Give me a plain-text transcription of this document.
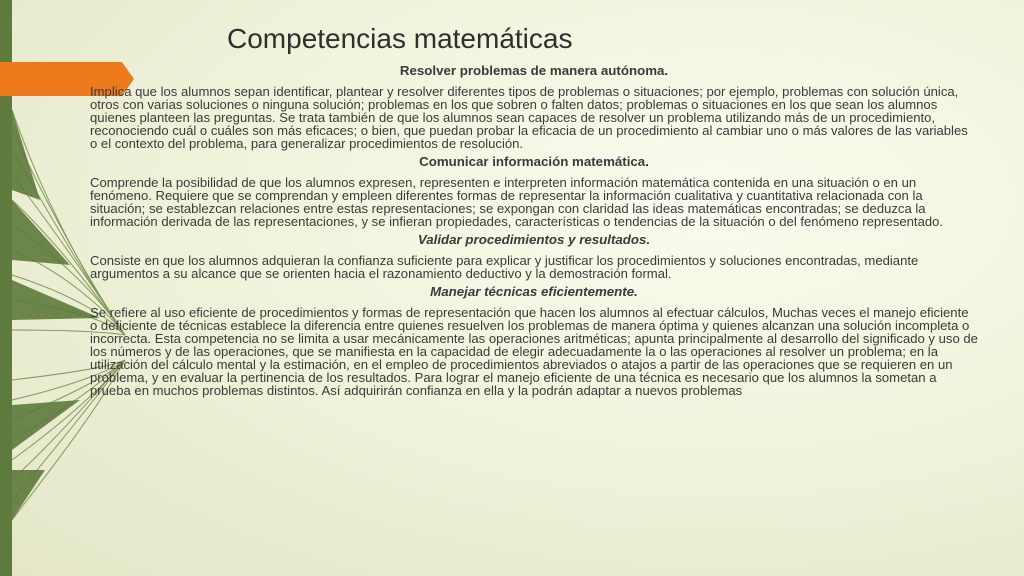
Competencias matemáticas
Resolver problemas de manera autónoma.

Implica que los alumnos sepan identificar, plantear y resolver diferentes tipos de problemas o situaciones; por ejemplo, problemas con solución única, otros con varias soluciones o ninguna solución; problemas en los que sobren o falten datos; problemas o situaciones en los que sean los alumnos quienes planteen las preguntas. Se trata también de que los alumnos sean capaces de resolver un problema utilizando más de un procedimiento, reconociendo cuál o cuáles son más eficaces; o bien, que puedan probar la eficacia de un procedimiento al cambiar uno o más valores de las variables o el contexto del problema, para generalizar procedimientos de resolución.

Comunicar información matemática.

Comprende la posibilidad de que los alumnos expresen, representen e interpreten información matemática contenida en una situación o en un fenómeno. Requiere que se comprendan y empleen diferentes formas de representar la información cualitativa y cuantitativa relacionada con la situación; se establezcan relaciones entre estas representaciones; se expongan con claridad las ideas matemáticas encontradas; se deduzca la información derivada de las representaciones, y se infieran propiedades, características o tendencias de la situación o del fenómeno representado.

Validar procedimientos y resultados.

Consiste en que los alumnos adquieran la confianza suficiente para explicar y justificar los procedimientos y soluciones encontradas, mediante argumentos a su alcance que se orienten hacia el razonamiento deductivo y la demostración formal.

Manejar técnicas eficientemente.

Se refiere al uso eficiente de procedimientos y formas de representación que hacen los alumnos al efectuar cálculos, Muchas veces el manejo eficiente o deficiente de técnicas establece la diferencia entre quienes resuelven los problemas de manera óptima y quienes alcanzan una solución incompleta o incorrecta. Esta competencia no se limita a usar mecánicamente las operaciones aritméticas; apunta principalmente al desarrollo del significado y uso de los números y de las operaciones, que se manifiesta en la capacidad de elegir adecuadamente la o las operaciones al resolver un problema; en la utilización del cálculo mental y la estimación, en el empleo de procedimientos abreviados o atajos a partir de las operaciones que se requieren en un problema, y en evaluar la pertinencia de los resultados. Para lograr el manejo eficiente de una técnica es necesario que los alumnos la sometan a prueba en muchos problemas distintos. Así adquirirán confianza en ella y la podrán adaptar a nuevos problemas
